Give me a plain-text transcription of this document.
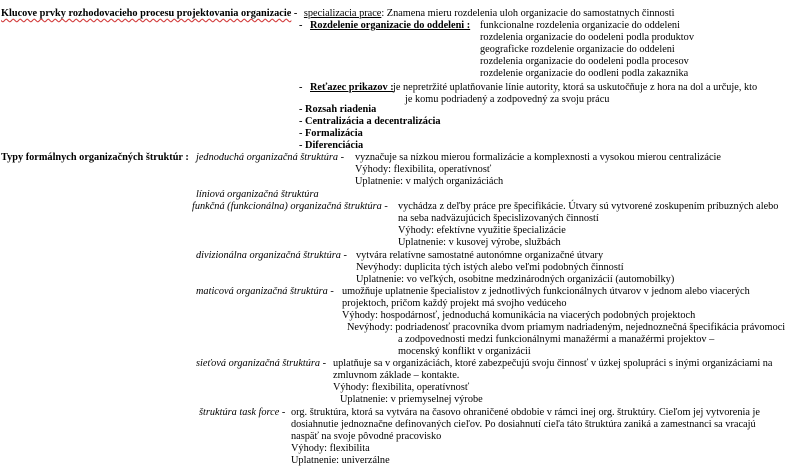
Klucove prvky rozhodovacieho procesu projektovania organizacie - specializacia prace: Znamena mieru rozdelenia uloh organizacie do samostatnych činnosti
- Rozdelenie organizacie do oddeleni : funkcionalne rozdelenia organizacie do oddeleni
rozdelenia organizacie do oodeleni podla produktov
geograficke rozdelenie organizacie do oddeleni
rozdelenia organizacie do oodeleni podla procesov
rozdelenie organizacie do oodleni podla zakaznika
- Reťazec prikazov : je nepretržité uplatňovanie línie autority, ktorá sa uskutočňuje z hora na dol a určuje, kto
je komu podriadený a zodpovedný za svoju prácu
- Rozsah riadenia
- Centralizácia a decentralizácia
- Formalizácia
- Diferenciácia
Typy formálnych organizačných štruktúr : jednoduchá organizačná štruktúra - vyznačuje sa nízkou mierou formalizácie a komplexnosti a vysokou mierou centralizácie
Výhody: flexibilita, operatívnosť
Uplatnenie: v malých organizáciách
líniová organizačná štruktúra
funkčná (funkcionálna) organizačná štruktúra - vychádza z deľby práce pre špecifikácie. Útvary sú vytvorené zoskupením príbuzných alebo
na seba nadväzujúcich špecislizovaných činností
Výhody: efektívne využitie špecializácie
Uplatnenie: v kusovej výrobe, službách
divizionálna organizačná štruktúra - vytvára relatívne samostatné autonómne organizačné útvary
Nevýhody: duplicita tých istých alebo veľmi podobných činností
Uplatnenie: vo veľkých, osobitne medzinárodných organizácií (automobilky)
maticová organizačná štruktúra - umožňuje uplatnenie špecialistov z jednotlivých funkcionálnych útvarov v jednom alebo viacerých
projektoch, pričom každý projekt má svojho vedúceho
Výhody: hospodárnosť, jednoduchá komunikácia na viacerých podobných projektoch
Nevýhody: podriadenosť pracovníka dvom priamym nadriadeným, nejednoznečná špecifikácia právomoci
a zodpovednosti medzi funkcionálnymi manažérmi a manažérmi projektov –
mocenský konflikt v organizácii
sieťová organizačná štruktúra - uplatňuje sa v organizáciách, ktoré zabezpečujú svoju činnosť v úzkej spolupráci s inými organizáciami na
zmluvnom základe – kontakte.
Výhody: flexibilita, operatívnosť
Uplatnenie: v priemyselnej výrobe
štruktúra task force - org. štruktúra, ktorá sa vytvára na časovo ohraničené obdobie v rámci inej org. štruktúry. Cieľom jej vytvorenia je
dosiahnutie jednoznačne definovaných cieľov. Po dosiahnutí cieľa táto štruktúra zaniká a zamestnanci sa vracajú
naspäť na svoje pôvodné pracovisko
Výhody: flexibilita
Uplatnenie: univerzálne
